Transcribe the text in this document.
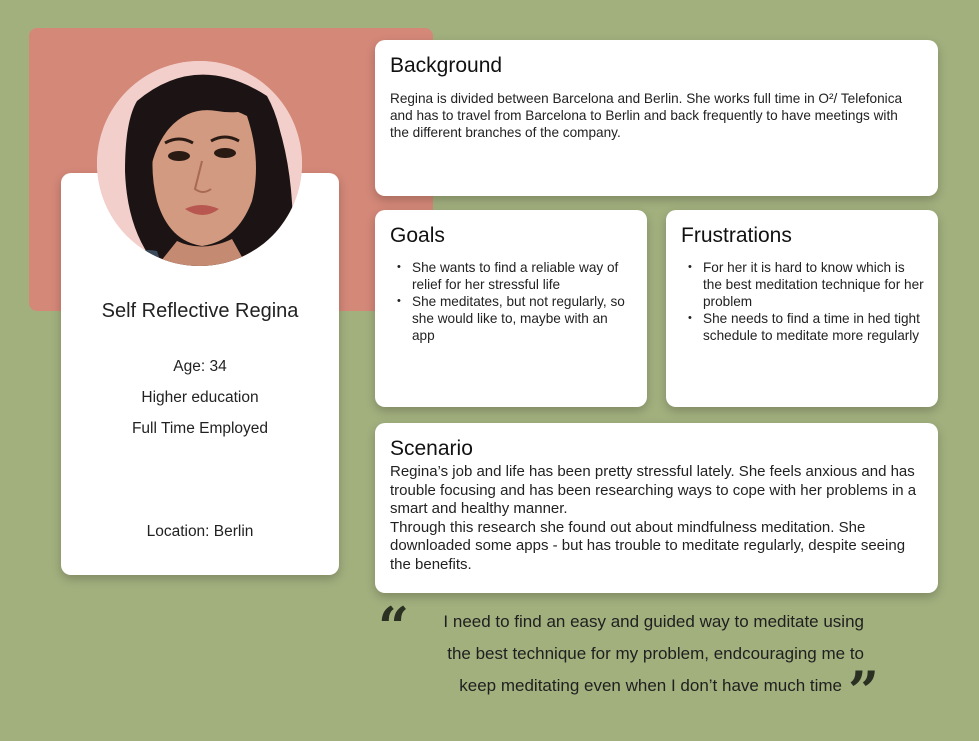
Self Reflective Regina
Age: 34
Higher education
Full Time Employed
Location: Berlin
Background

Regina is divided between Barcelona and Berlin. She works full time in O²/ Telefonica and has to travel from Barcelona to Berlin and back frequently to have meetings with the different branches of the company.

Goals
• She wants to find a reliable way of relief for her stressful life
• She meditates, but not regularly, so she would like to, maybe with an app
Frustrations
• For her it is hard to know which is the best meditation technique for her problem
• She needs to find a time in hed tight schedule to meditate more regularly
Scenario

Regina’s job and life has been pretty stressful lately. She feels anxious and has trouble focusing and has been researching ways to cope with her problems in a smart and healthy manner.
Through this research she found out about mindfulness meditation. She downloaded some apps - but has trouble to meditate regularly, despite seeing the benefits.

“	I need to find an easy and guided way to meditate using
the best technique for my problem, endcouraging me to
keep meditating even when I don’t have much time ”
